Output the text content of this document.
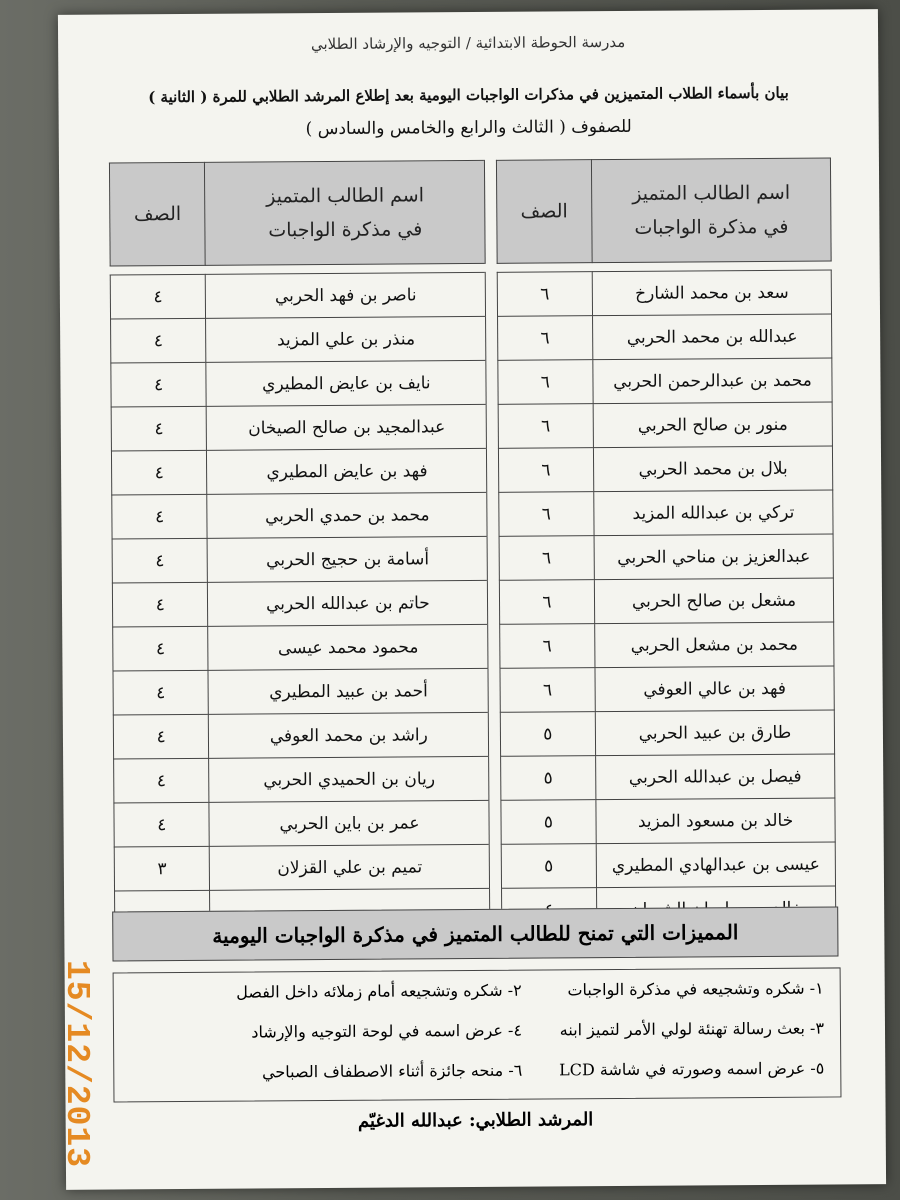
مدرسة الحوطة الابتدائية / التوجيه والإرشاد الطلابي
بيان بأسماء الطلاب المتميزين في مذكرات الواجبات اليومية بعد إطلاع المرشد الطلابي للمرة ( الثانية )
للصفوف ( الثالث والرابع والخامس والسادس )
اسم الطالب المتميز
في مذكرة الواجبات	الصف		اسم الطالب المتميز
في مذكرة الواجبات	الصف

سعد بن محمد الشارخ	٦		ناصر بن فهد الحربي	٤
عبدالله بن محمد الحربي	٦		منذر بن علي المزيد	٤
محمد بن عبدالرحمن الحربي	٦		نايف بن عايض المطيري	٤
منور بن صالح الحربي	٦		عبدالمجيد بن صالح الصيخان	٤
بلال بن محمد الحربي	٦		فهد بن عايض المطيري	٤
تركي بن عبدالله المزيد	٦		محمد بن حمدي الحربي	٤
عبدالعزيز بن مناحي الحربي	٦		أسامة بن حجيج الحربي	٤
مشعل بن صالح الحربي	٦		حاتم بن عبدالله الحربي	٤
محمد بن مشعل الحربي	٦		محمود محمد عيسى	٤
فهد بن عالي العوفي	٦		أحمد بن عبيد المطيري	٤
طارق بن عبيد الحربي	٥		راشد بن محمد العوفي	٤
فيصل بن عبدالله الحربي	٥		ريان بن الحميدي الحربي	٤
خالد بن مسعود المزيد	٥		عمر بن باين الحربي	٤
عيسى بن عبدالهادي المطيري	٥		تميم بن علي القزلان	٣

المميزات التي تمنح للطالب المتميز في مذكرة الواجبات اليومية
١- شكره وتشجيعه في مذكرة الواجبات
٢- شكره وتشجيعه أمام زملائه داخل الفصل
٣- بعث رسالة تهنئة لولي الأمر لتميز ابنه
٤- عرض اسمه في لوحة التوجيه والإرشاد
٥- عرض اسمه وصورته في شاشة LCD
٦- منحه جائزة أثناء الاصطفاف الصباحي
المرشد الطلابي: عبدالله الدغيّم
15/12/2013
